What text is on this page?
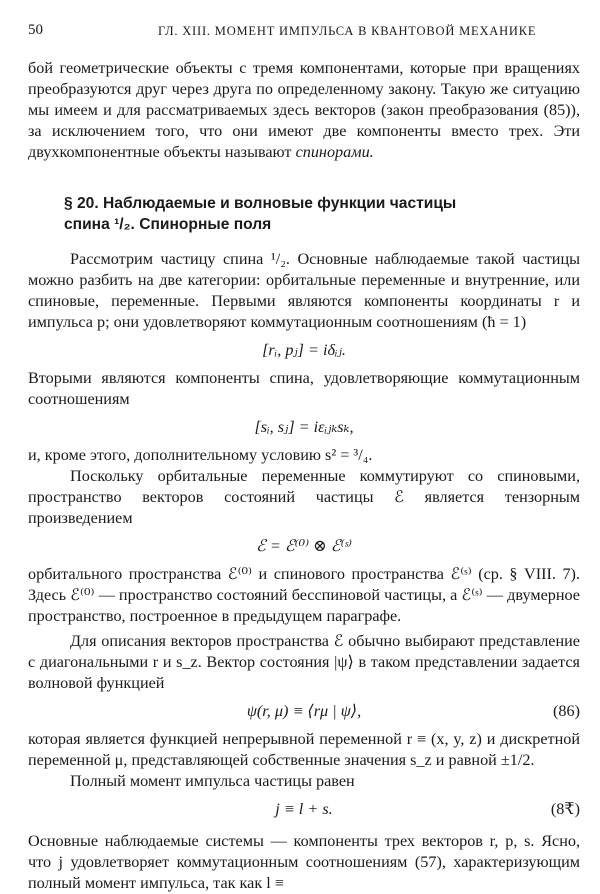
50	ГЛ. XIII. МОМЕНТ ИМПУЛЬСА В КВАНТОВОЙ МЕХАНИКЕ

бой геометрические объекты с тремя компонентами, которые при вращениях преобразуются друг через друга по определенному закону. Такую же ситуацию мы имеем и для рассматриваемых здесь векторов (закон преобразования (85)), за исключением того, что они имеют две компоненты вместо трех. Эти двухкомпонентные объекты называют спинорами.

§ 20. Наблюдаемые и волновые функции частицы
спина ¹/₂. Спинорные поля

Рассмотрим частицу спина ¹/₂. Основные наблюдаемые такой частицы можно разбить на две категории: орбитальные переменные и внутренние, или спиновые, переменные. Первыми являются компоненты координаты r и импульса p; они удовлетворяют коммутационным соотношениям (ħ = 1)

[rᵢ, pⱼ] = iδᵢⱼ.

Вторыми являются компоненты спина, удовлетворяющие коммутационным соотношениям

[sᵢ, sⱼ] = iεᵢⱼₖsₖ,

и, кроме этого, дополнительному условию s² = ³/₄.

Поскольку орбитальные переменные коммутируют со спиновыми, пространство векторов состояний частицы ℰ является тензорным произведением

ℰ = ℰ⁽⁰⁾ ⊗ ℰ⁽ˢ⁾

орбитального пространства ℰ⁽⁰⁾ и спинового пространства ℰ⁽ˢ⁾ (ср. § VIII. 7). Здесь ℰ⁽⁰⁾ — пространство состояний бесспиновой частицы, а ℰ⁽ˢ⁾ — двумерное пространство, построенное в предыдущем параграфе.

Для описания векторов пространства ℰ обычно выбирают представление с диагональными r и s_z. Вектор состояния |ψ⟩ в таком представлении задается волновой функцией

ψ(r, μ) ≡ ⟨rμ | ψ⟩,	(86)

которая является функцией непрерывной переменной r ≡ (x, y, z) и дискретной переменной μ, представляющей собственные значения s_z и равной ±1/2.

Полный момент импульса частицы равен

j ≡ l + s.	(8₹)

Основные наблюдаемые системы — компоненты трех векторов r, p, s. Ясно, что j удовлетворяет коммутационным соотношениям (57), характеризующим полный момент импульса, так как l ≡
